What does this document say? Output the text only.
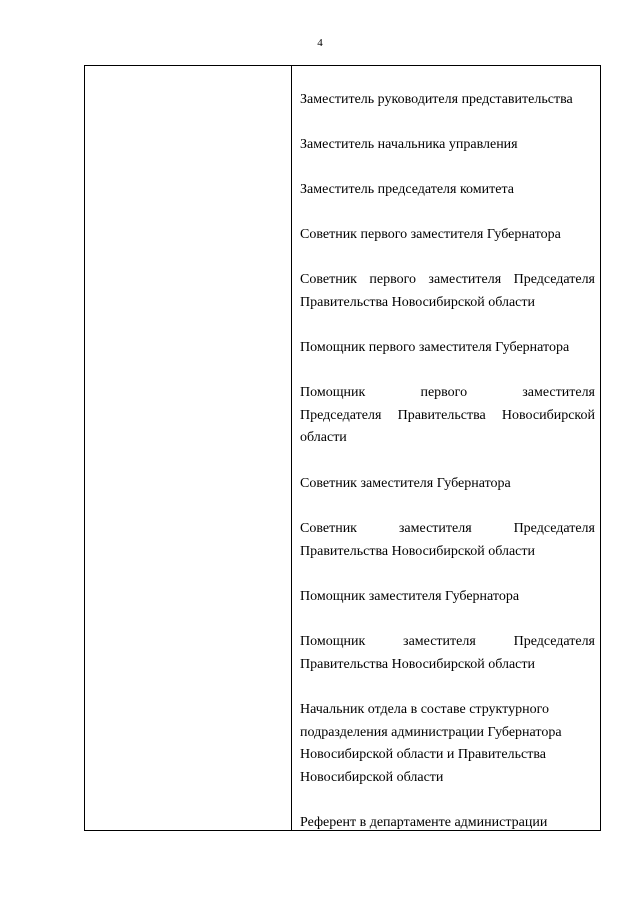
4
Заместитель руководителя представительства
Заместитель начальника управления
Заместитель председателя комитета
Советник первого заместителя Губернатора
Советник первого заместителя Председателя
Правительства Новосибирской области
Помощник первого заместителя Губернатора
Помощник первого заместителя
Председателя Правительства Новосибирской
области
Советник заместителя Губернатора
Советник заместителя Председателя
Правительства Новосибирской области
Помощник заместителя Губернатора
Помощник заместителя Председателя
Правительства Новосибирской области
Начальник отдела в составе структурного
подразделения администрации Губернатора
Новосибирской области и Правительства
Новосибирской области
Референт в департаменте администрации
